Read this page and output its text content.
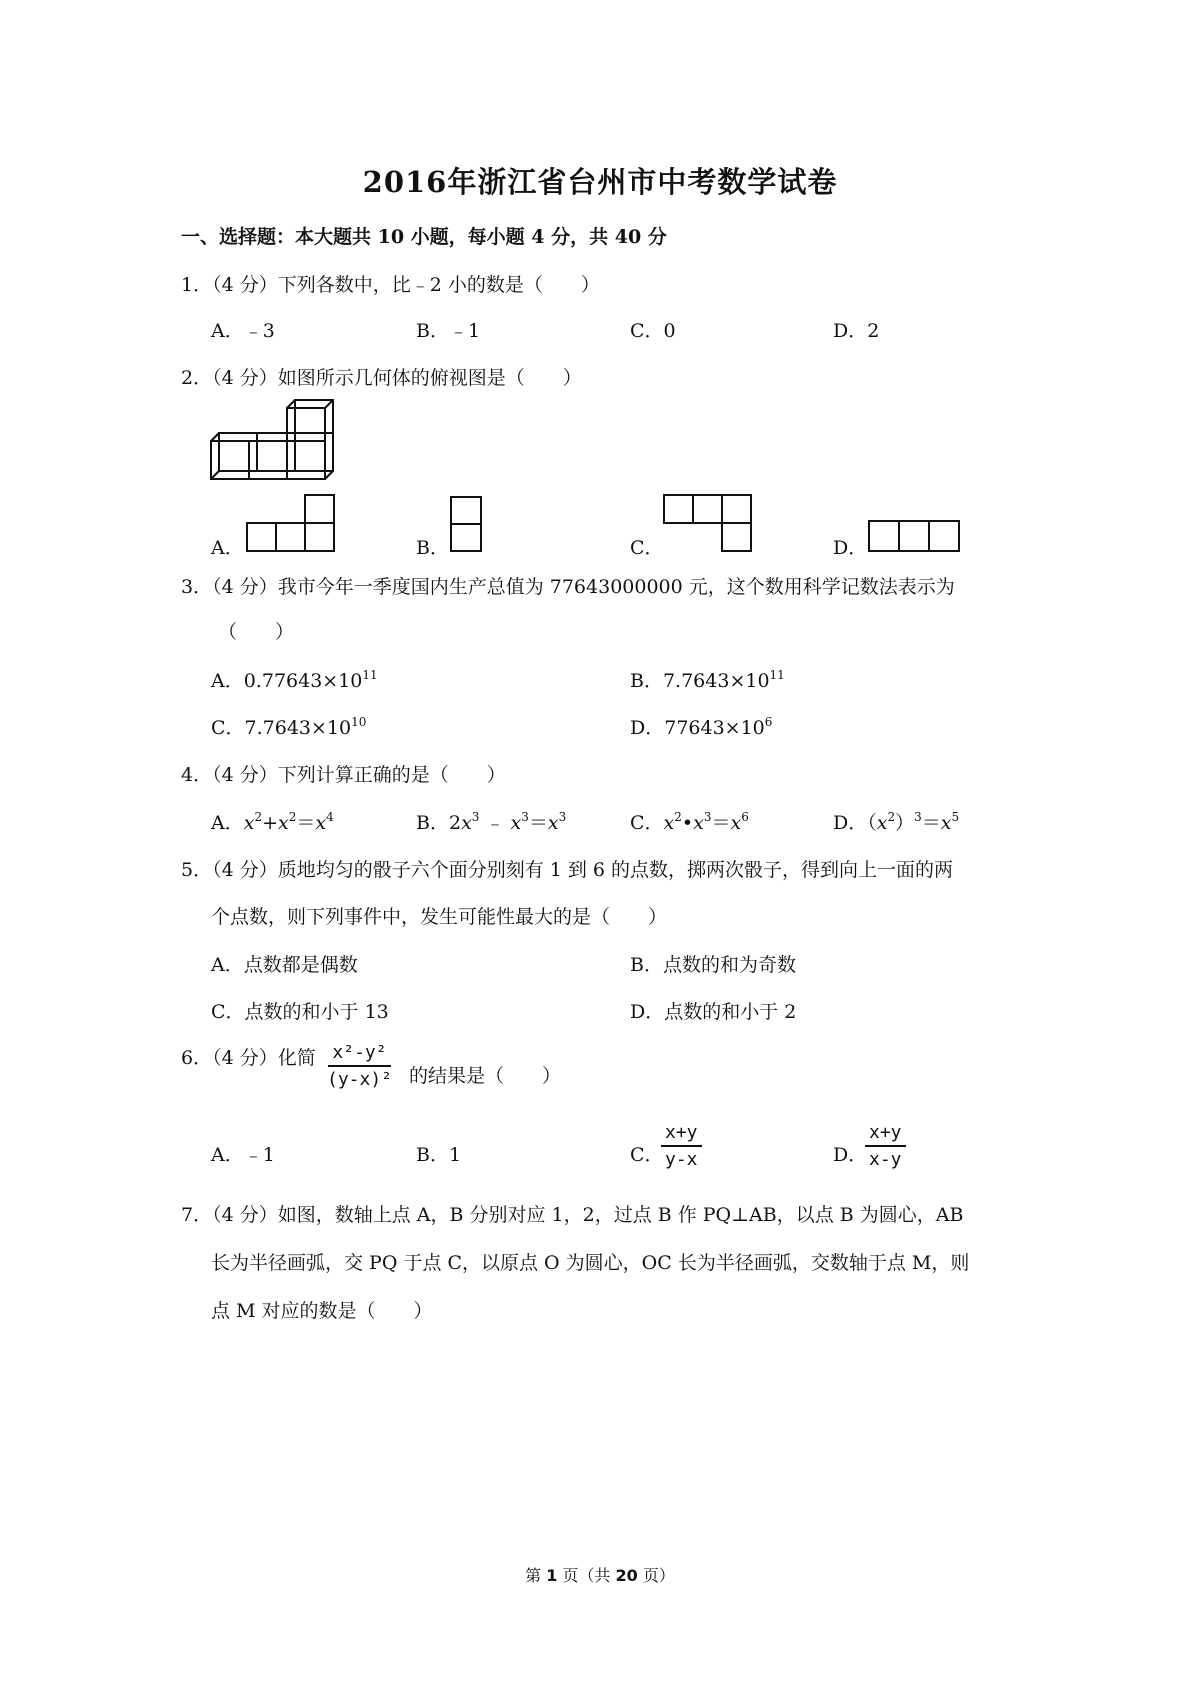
2016年浙江省台州市中考数学试卷
一、选择题：本大题共 10 小题，每小题 4 分，共 40 分
1．（4 分）下列各数中，比﹣2 小的数是（　　）
A．﹣3	B．﹣1	C．0	D．2
2．（4 分）如图所示几何体的俯视图是（　　）
A．	B．	C．	D．
3．（4 分）我市今年一季度国内生产总值为 77643000000 元，这个数用科学记数法表示为
（　　）
A．$0.77643\times 10^{11}$	B．$7.7643\times 10^{11}$
C．$7.7643\times 10^{10}$	D．$77643\times 10^6$
4．（4 分）下列计算正确的是（　　）
A．$x^2+x^2=x^4$	B．$2x^3$ ﹣ $x^3=x^3$	C．$x^2•x^3=x^6$	D．$(x^2)^3=x^5$
5．（4 分）质地均匀的骰子六个面分别刻有 1 到 6 的点数，掷两次骰子，得到向上一面的两
个点数，则下列事件中，发生可能性最大的是（　　）
A．点数都是偶数	B．点数的和为奇数
C．点数的和小于 13	D．点数的和小于 2
6．（4 分）化简 $\frac{\text{x²-y²}}{\text{(y-x)²}}$ 的结果是（　　）
A．﹣1	B．1	C．
$\frac{x+y}{y-x}$	D．
$\frac{x+y}{x-y}$
7．（4 分）如图，数轴上点 A，B 分别对应 1，2，过点 B 作 PQ⊥AB，以点 B 为圆心，AB
长为半径画弧，交 PQ 于点 C，以原点 O 为圆心，OC 长为半径画弧，交数轴于点 M，则
点 M 对应的数是（　　）
第 1 页（共 20 页）
